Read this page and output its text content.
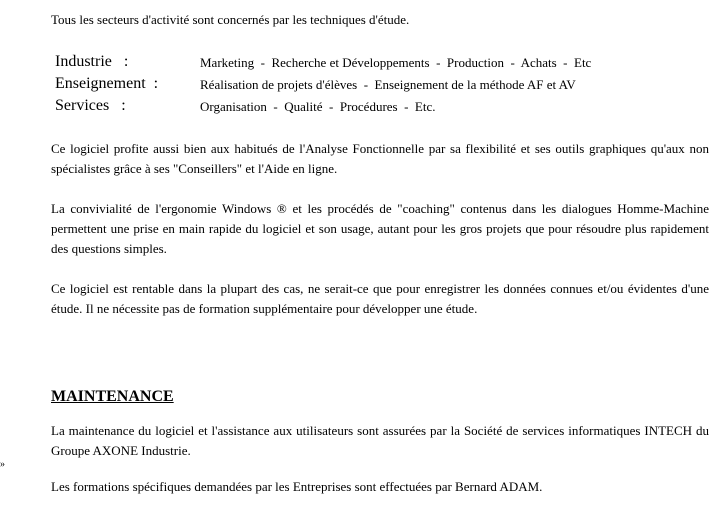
Tous les secteurs d'activité sont concernés par les techniques d'étude.

Industrie   :	Marketing  -  Recherche et Développements  -  Production  -  Achats  -  Etc
Enseignement  :	Réalisation de projets d'élèves  -  Enseignement de la méthode AF et AV
Services   :	Organisation  -  Qualité  -  Procédures  -  Etc.

Ce logiciel profite aussi bien aux habitués de l'Analyse Fonctionnelle par sa flexibilité et ses outils graphiques qu'aux non spécialistes grâce à ses "Conseillers" et l'Aide en ligne.

La convivialité de l'ergonomie Windows ® et les procédés de "coaching" contenus dans les dialogues Homme-Machine permettent une prise en main rapide du logiciel et son usage, autant pour les gros projets que pour résoudre plus rapidement des questions simples.

Ce logiciel est rentable dans la plupart des cas, ne serait-ce que pour enregistrer les données connues et/ou évidentes d'une étude. Il ne nécessite pas de formation supplémentaire pour développer une étude.

MAINTENANCE

La maintenance du logiciel et l'assistance aux utilisateurs sont assurées par la Société de services informatiques INTECH du Groupe AXONE Industrie.

»

Les formations spécifiques demandées par les Entreprises sont effectuées par Bernard ADAM.
